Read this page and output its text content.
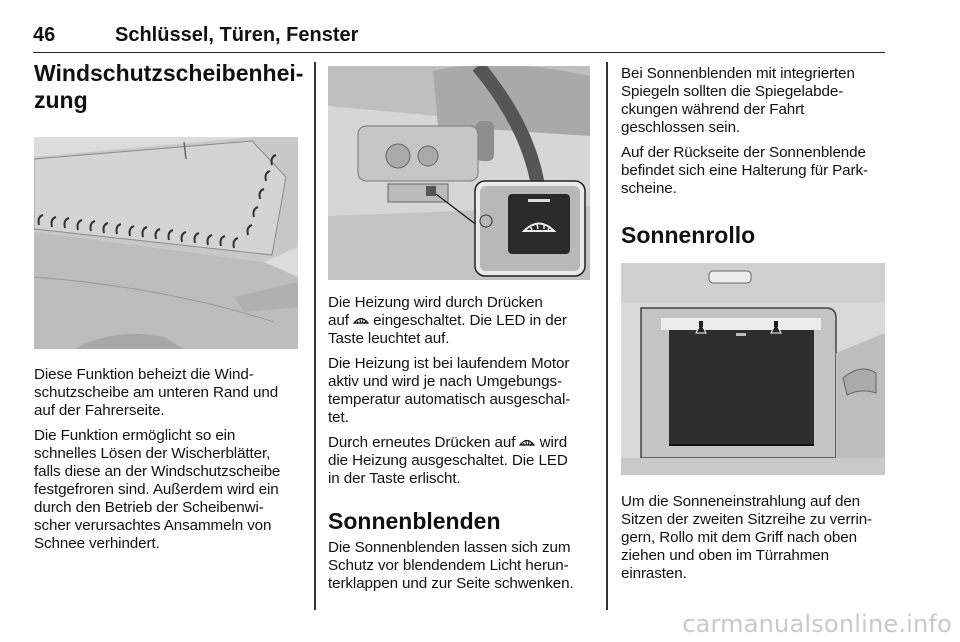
46	Schlüssel, Türen, Fenster
Windschutzscheibenhei-
zung

Diese Funktion beheizt die Wind-
schutzscheibe am unteren Rand und
auf der Fahrerseite.

Die Funktion ermöglicht so ein
schnelles Lösen der Wischerblätter,
falls diese an der Windschutzscheibe
festgefroren sind. Außerdem wird ein
durch den Betrieb der Scheibenwi-
scher verursachtes Ansammeln von
Schnee verhindert.

Die Heizung wird durch Drücken
auf eingeschaltet. Die LED in der
Taste leuchtet auf.

Die Heizung ist bei laufendem Motor
aktiv und wird je nach Umgebungs-
temperatur automatisch ausgeschal-
tet.

Durch erneutes Drücken auf wird
die Heizung ausgeschaltet. Die LED
in der Taste erlischt.

Sonnenblenden

Die Sonnenblenden lassen sich zum
Schutz vor blendendem Licht herun-
terklappen und zur Seite schwenken.

Bei Sonnenblenden mit integrierten
Spiegeln sollten die Spiegelabde-
ckungen während der Fahrt
geschlossen sein.

Auf der Rückseite der Sonnenblende
befindet sich eine Halterung für Park-
scheine.

Sonnenrollo

Um die Sonneneinstrahlung auf den
Sitzen der zweiten Sitzreihe zu verrin-
gern, Rollo mit dem Griff nach oben
ziehen und oben im Türrahmen
einrasten.

carmanualsonline.info
